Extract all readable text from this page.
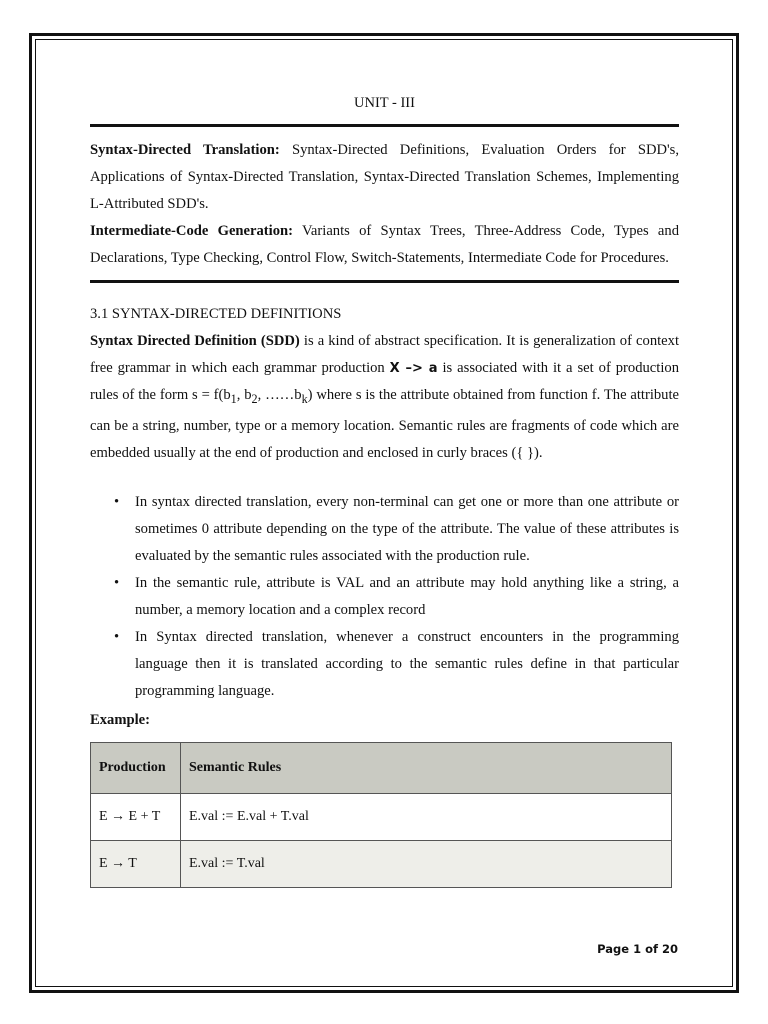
UNIT - III

Syntax-Directed Translation: Syntax-Directed Definitions, Evaluation Orders for SDD's, Applications of Syntax-Directed Translation, Syntax-Directed Translation Schemes, Implementing L-Attributed SDD's.

Intermediate-Code Generation: Variants of Syntax Trees, Three-Address Code, Types and Declarations, Type Checking, Control Flow, Switch-Statements, Intermediate Code for Procedures.

3.1 SYNTAX-DIRECTED DEFINITIONS

Syntax Directed Definition (SDD) is a kind of abstract specification. It is generalization of context free grammar in which each grammar production X –> a is associated with it a set of production rules of the form $s = f(b_1$, $b_2$, $\dots\dots b_k$) where s is the attribute obtained from function f. The attribute can be a string, number, type or a memory location. Semantic rules are fragments of code which are embedded usually at the end of production and enclosed in curly braces ({ }).

• In syntax directed translation, every non-terminal can get one or more than one attribute or sometimes 0 attribute depending on the type of the attribute. The value of these attributes is evaluated by the semantic rules associated with the production rule.
• In the semantic rule, attribute is VAL and an attribute may hold anything like a string, a number, a memory location and a complex record
• In Syntax directed translation, whenever a construct encounters in the programming language then it is translated according to the semantic rules define in that particular programming language.
Example:
Production	Semantic Rules
E → E + T	E.val := E.val + T.val
E → T	E.val := T.val
Page 1 of 20
